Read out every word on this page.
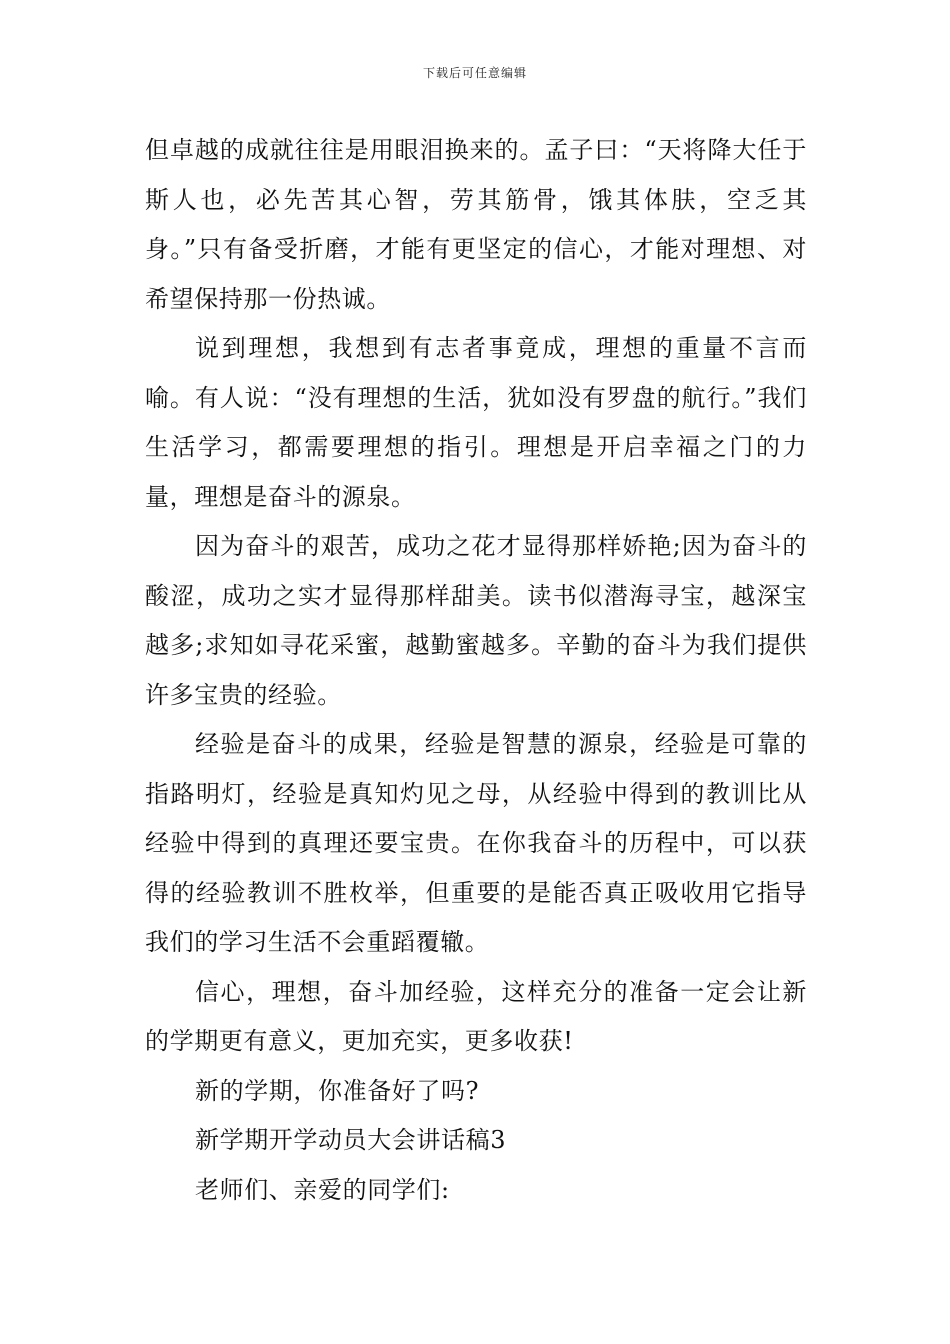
下载后可任意编辑

但卓越的成就往往是用眼泪换来的。孟子曰：“天将降大任于斯人也，必先苦其心智，劳其筋骨，饿其体肤，空乏其身。”只有备受折磨，才能有更坚定的信心，才能对理想、对希望保持那一份热诚。

说到理想，我想到有志者事竟成，理想的重量不言而喻。有人说：“没有理想的生活，犹如没有罗盘的航行。”我们生活学习，都需要理想的指引。理想是开启幸福之门的力量，理想是奋斗的源泉。

因为奋斗的艰苦，成功之花才显得那样娇艳;因为奋斗的酸涩，成功之实才显得那样甜美。读书似潜海寻宝，越深宝越多;求知如寻花采蜜，越勤蜜越多。辛勤的奋斗为我们提供许多宝贵的经验。

经验是奋斗的成果，经验是智慧的源泉，经验是可靠的指路明灯，经验是真知灼见之母，从经验中得到的教训比从经验中得到的真理还要宝贵。在你我奋斗的历程中，可以获得的经验教训不胜枚举，但重要的是能否真正吸收用它指导我们的学习生活不会重蹈覆辙。

信心，理想，奋斗加经验，这样充分的准备一定会让新的学期更有意义，更加充实，更多收获!

新的学期，你准备好了吗?

新学期开学动员大会讲话稿3

老师们、亲爱的同学们:
